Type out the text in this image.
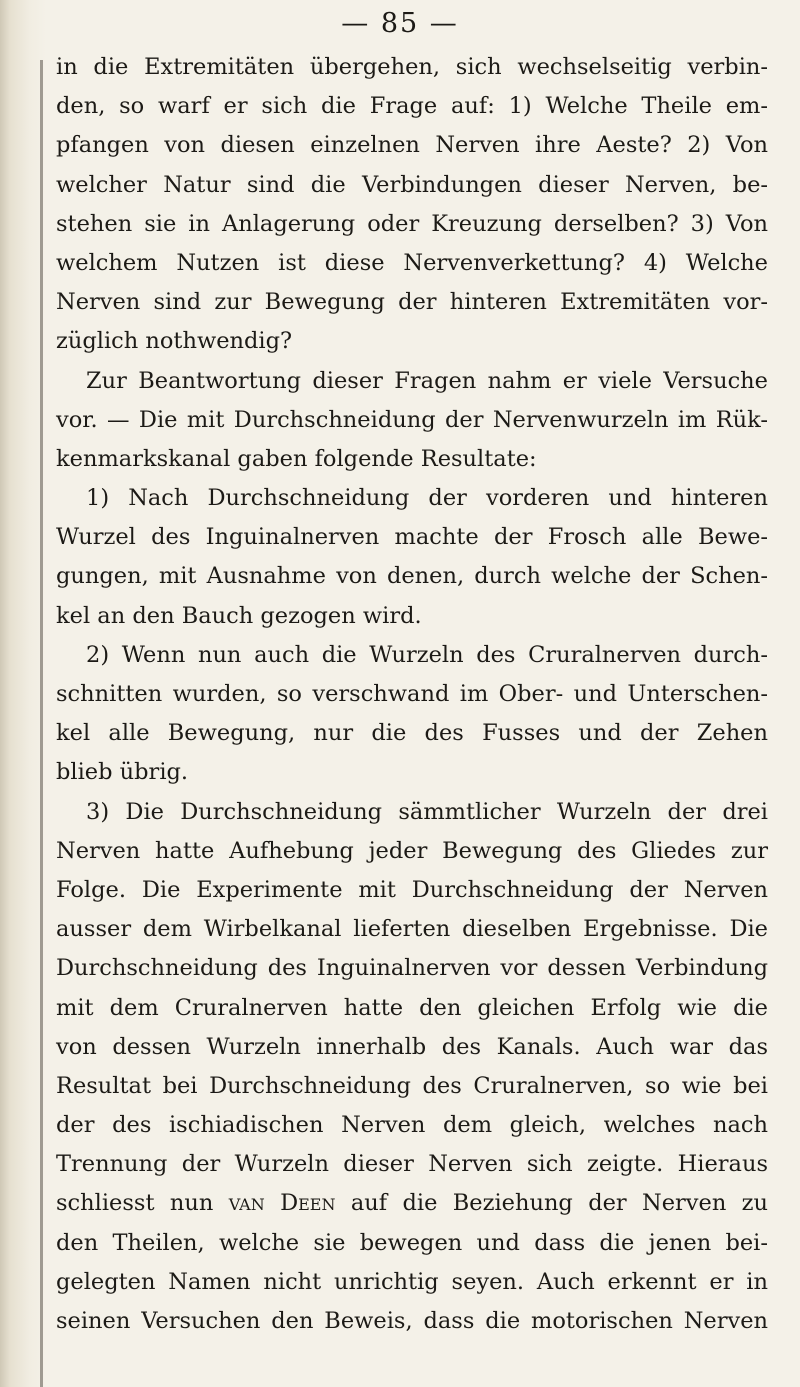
— 85 —
in die Extremitäten übergehen, sich wechselseitig verbin-
den, so warf er sich die Frage auf: 1) Welche Theile em-
pfangen von diesen einzelnen Nerven ihre Aeste? 2) Von
welcher Natur sind die Verbindungen dieser Nerven, be-
stehen sie in Anlagerung oder Kreuzung derselben? 3) Von
welchem Nutzen ist diese Nervenverkettung? 4) Welche
Nerven sind zur Bewegung der hinteren Extremitäten vor-
züglich nothwendig?
Zur Beantwortung dieser Fragen nahm er viele Versuche
vor. — Die mit Durchschneidung der Nervenwurzeln im Rük-
kenmarkskanal gaben folgende Resultate:
1) Nach Durchschneidung der vorderen und hinteren
Wurzel des Inguinalnerven machte der Frosch alle Bewe-
gungen, mit Ausnahme von denen, durch welche der Schen-
kel an den Bauch gezogen wird.
2) Wenn nun auch die Wurzeln des Cruralnerven durch-
schnitten wurden, so verschwand im Ober- und Unterschen-
kel alle Bewegung, nur die des Fusses und der Zehen
blieb übrig.
3) Die Durchschneidung sämmtlicher Wurzeln der drei
Nerven hatte Aufhebung jeder Bewegung des Gliedes zur
Folge. Die Experimente mit Durchschneidung der Nerven
ausser dem Wirbelkanal lieferten dieselben Ergebnisse. Die
Durchschneidung des Inguinalnerven vor dessen Verbindung
mit dem Cruralnerven hatte den gleichen Erfolg wie die
von dessen Wurzeln innerhalb des Kanals. Auch war das
Resultat bei Durchschneidung des Cruralnerven, so wie bei
der des ischiadischen Nerven dem gleich, welches nach
Trennung der Wurzeln dieser Nerven sich zeigte. Hieraus
schliesst nun van Deen auf die Beziehung der Nerven zu
den Theilen, welche sie bewegen und dass die jenen bei-
gelegten Namen nicht unrichtig seyen. Auch erkennt er in
seinen Versuchen den Beweis, dass die motorischen Nerven
